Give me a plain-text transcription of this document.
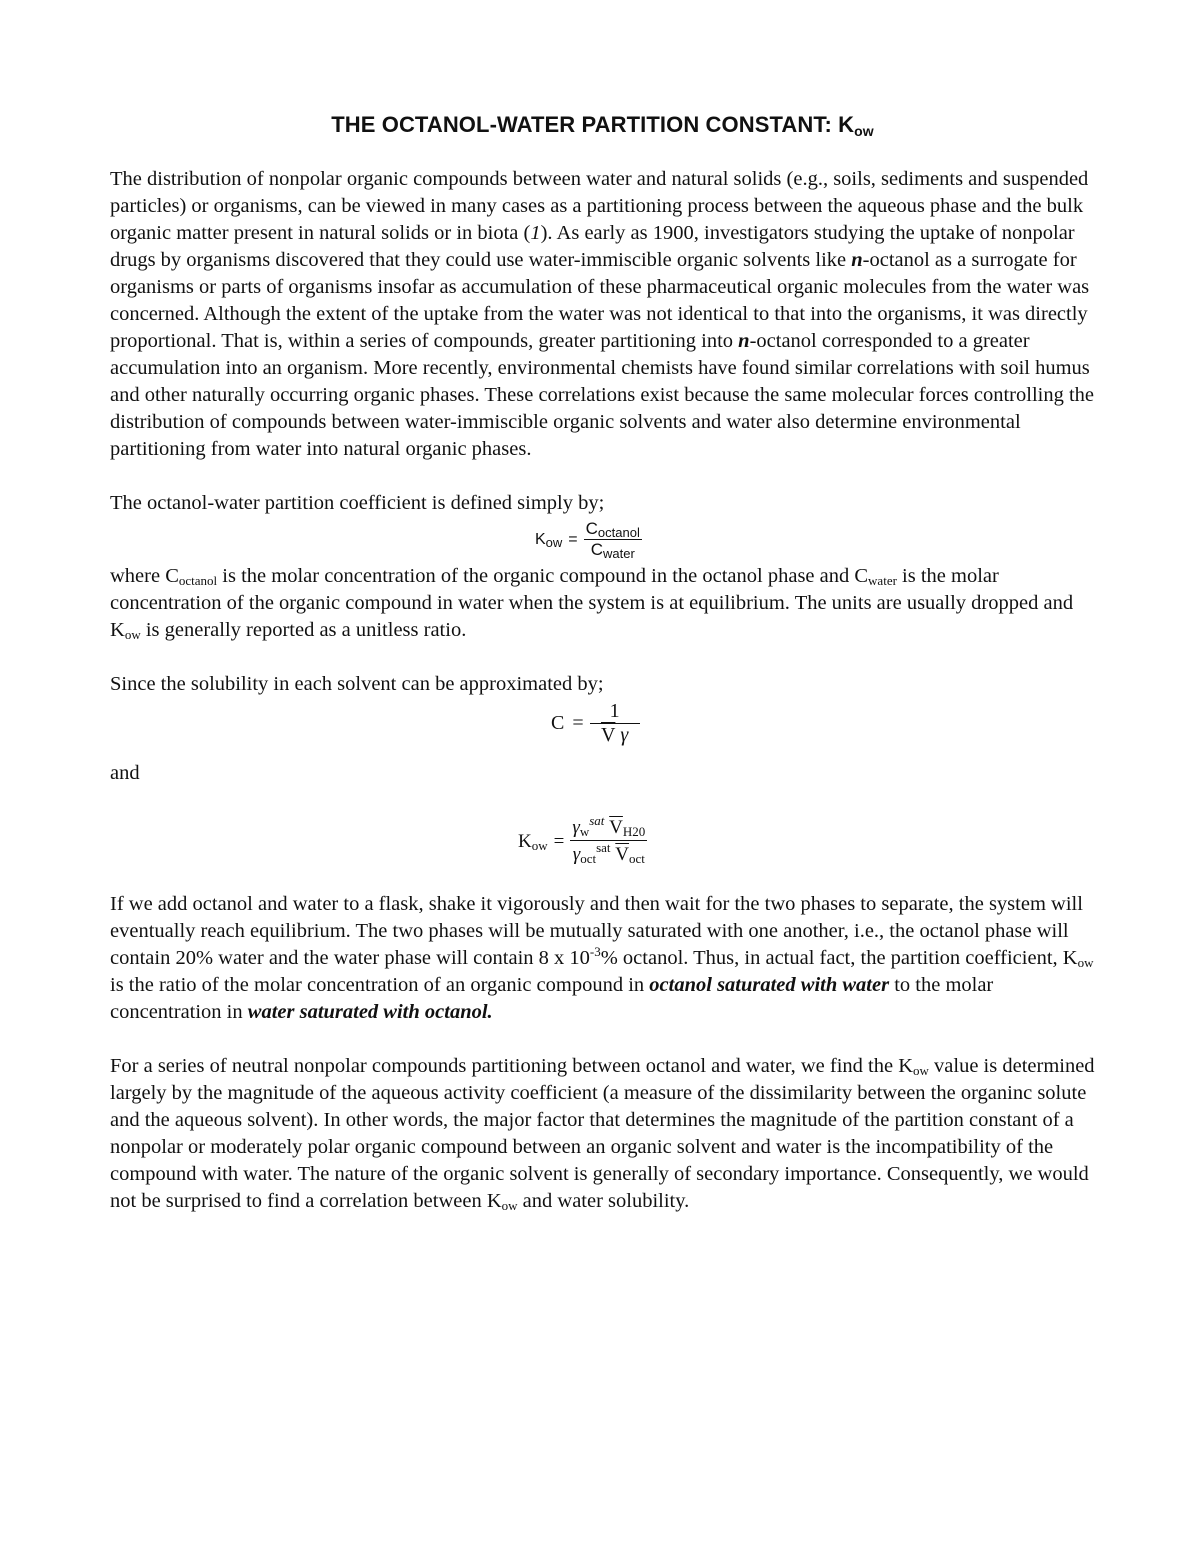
THE OCTANOL-WATER PARTITION CONSTANT: $K_{ow}$

The distribution of nonpolar organic compounds between water and natural solids (e.g., soils, sediments and suspended particles) or organisms, can be viewed in many cases as a partitioning process between the aqueous phase and the bulk organic matter present in natural solids or in biota (1). As early as 1900, investigators studying the uptake of nonpolar drugs by organisms discovered that they could use water-immiscible organic solvents like n-octanol as a surrogate for organisms or parts of organisms insofar as accumulation of these pharmaceutical organic molecules from the water was concerned. Although the extent of the uptake from the water was not identical to that into the organisms, it was directly proportional. That is, within a series of compounds, greater partitioning into n-octanol corresponded to a greater accumulation into an organism. More recently, environmental chemists have found similar correlations with soil humus and other naturally occurring organic phases. These correlations exist because the same molecular forces controlling the distribution of compounds between water-immiscible organic solvents and water also determine environmental partitioning from water into natural organic phases.

The octanol-water partition coefficient is defined simply by;

$K_{ow} = \frac{C_{octanol}}{C_{water}}$

where $C_{octanol}$ is the molar concentration of the organic compound in the octanol phase and $C_{water}$ is the molar concentration of the organic compound in water when the system is at equilibrium. The units are usually dropped and $K_{ow}$ is generally reported as a unitless ratio.

Since the solubility in each solvent can be approximated by;

$C = \frac{1}{\overline{V} \gamma}$

and

$K_{ow} = \frac{\gamma_w^{sat} \overline{V}_{H20}}{\gamma_{oct}^{sat} \overline{V}_{oct}}$

If we add octanol and water to a flask, shake it vigorously and then wait for the two phases to separate, the system will eventually reach equilibrium. The two phases will be mutually saturated with one another, i.e., the octanol phase will contain 20% water and the water phase will contain 8 x $10^{-3}\%$ octanol. Thus, in actual fact, the partition coefficient, $K_{ow}$ is the ratio of the molar concentration of an organic compound in octanol saturated with water to the molar concentration in water saturated with octanol.

For a series of neutral nonpolar compounds partitioning between octanol and water, we find the $K_{ow}$ value is determined largely by the magnitude of the aqueous activity coefficient (a measure of the dissimilarity between the organinc solute and the aqueous solvent). In other words, the major factor that determines the magnitude of the partition constant of a nonpolar or moderately polar organic compound between an organic solvent and water is the incompatibility of the compound with water. The nature of the organic solvent is generally of secondary importance. Consequently, we would not be surprised to find a correlation between $K_{ow}$ and water solubility.
